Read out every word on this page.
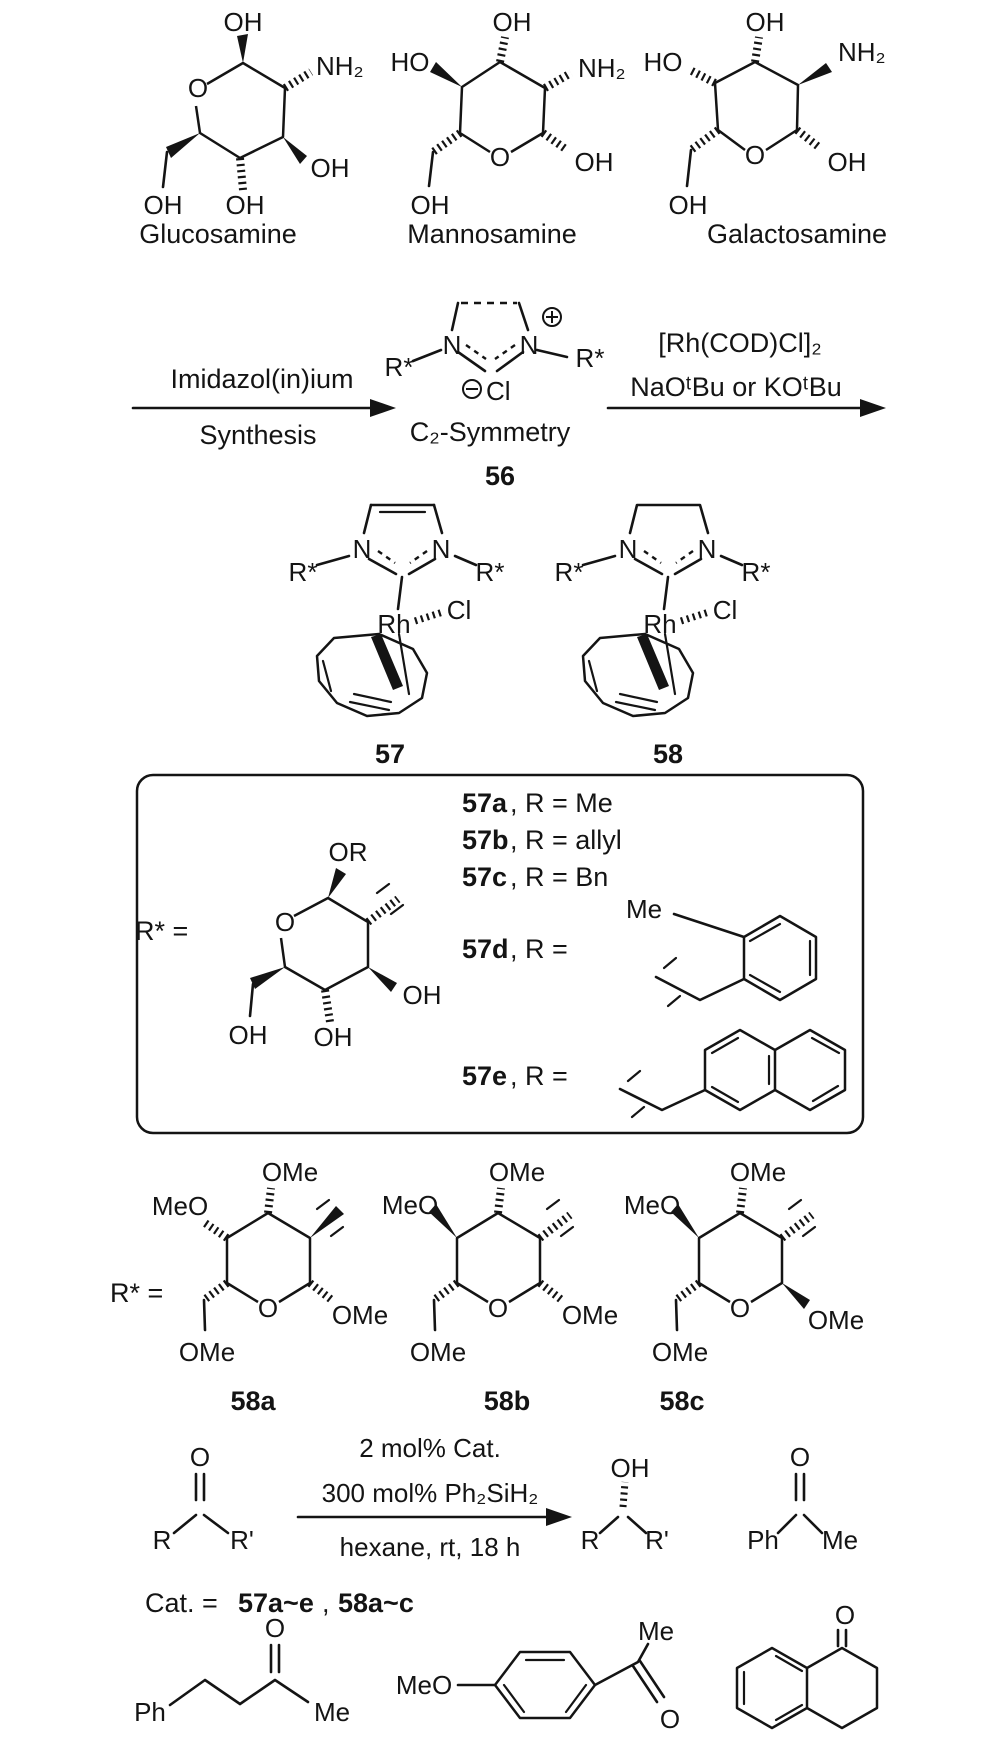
OH
O
NH₂
OH
OH
OH
Glucosamine
OH
HO	NH₂
O OH
OH
Mannosamine
OH
HO	NH₂
O OH
OH
Galactosamine
Imidazol(in)ium
Synthesis
N N
R*	R*
Cl
C₂-Symmetry
56
[Rh(COD)Cl]₂
NaOᵗBu or KOᵗBu
N N
R*	R*
Rh Cl
57
N N
R*	R*
Rh Cl
58
R* =
OR
O
OH
OH
OH
57a , R = Me
57b , R = allyl
57c , R = Bn
57d , R =
Me
57e , R =
R* =
OMe
MeO
O OMe
OMe
58a
OMe
MeO
O OMe
OMe
58b
OMe
MeO
O OMe
OMe
58c
O
R R'
2 mol% Cat.
300 mol% Ph₂SiH₂
hexane, rt, 18 h
OH
R R'
O
Ph Me
Cat. = 57a~e , 58a~c
Ph
O
Me
MeO
Me
O
O
